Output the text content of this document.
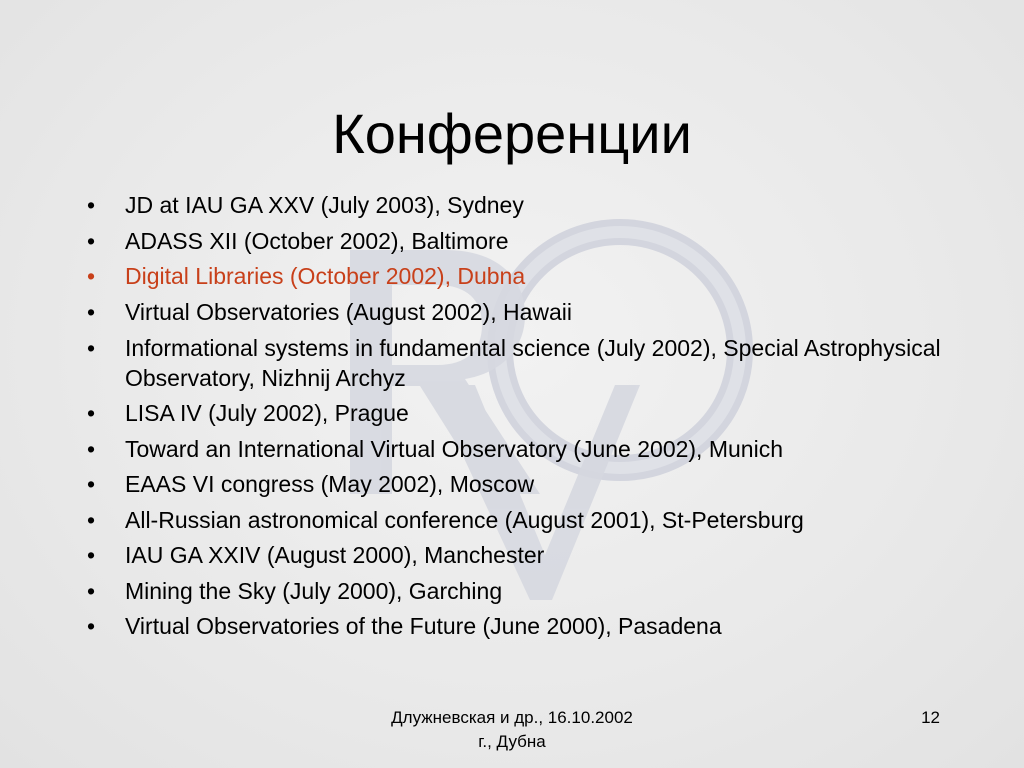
Конференции
• JD at IAU GA XXV (July 2003), Sydney
• ADASS XII (October 2002), Baltimore
• Digital Libraries (October 2002), Dubna
• Virtual Observatories (August 2002), Hawaii
• Informational systems in fundamental science (July 2002), Special Astrophysical Observatory, Nizhnij Archyz
• LISA IV (July 2002), Prague
• Toward an International Virtual Observatory (June 2002), Munich
• EAAS VI congress (May 2002), Moscow
• All-Russian astronomical conference (August 2001), St-Petersburg
• IAU GA XXIV (August 2000), Manchester
• Mining the Sky (July 2000), Garching
• Virtual Observatories of the Future (June 2000), Pasadena
Длужневская и др., 16.10.2002
г., Дубна
12
